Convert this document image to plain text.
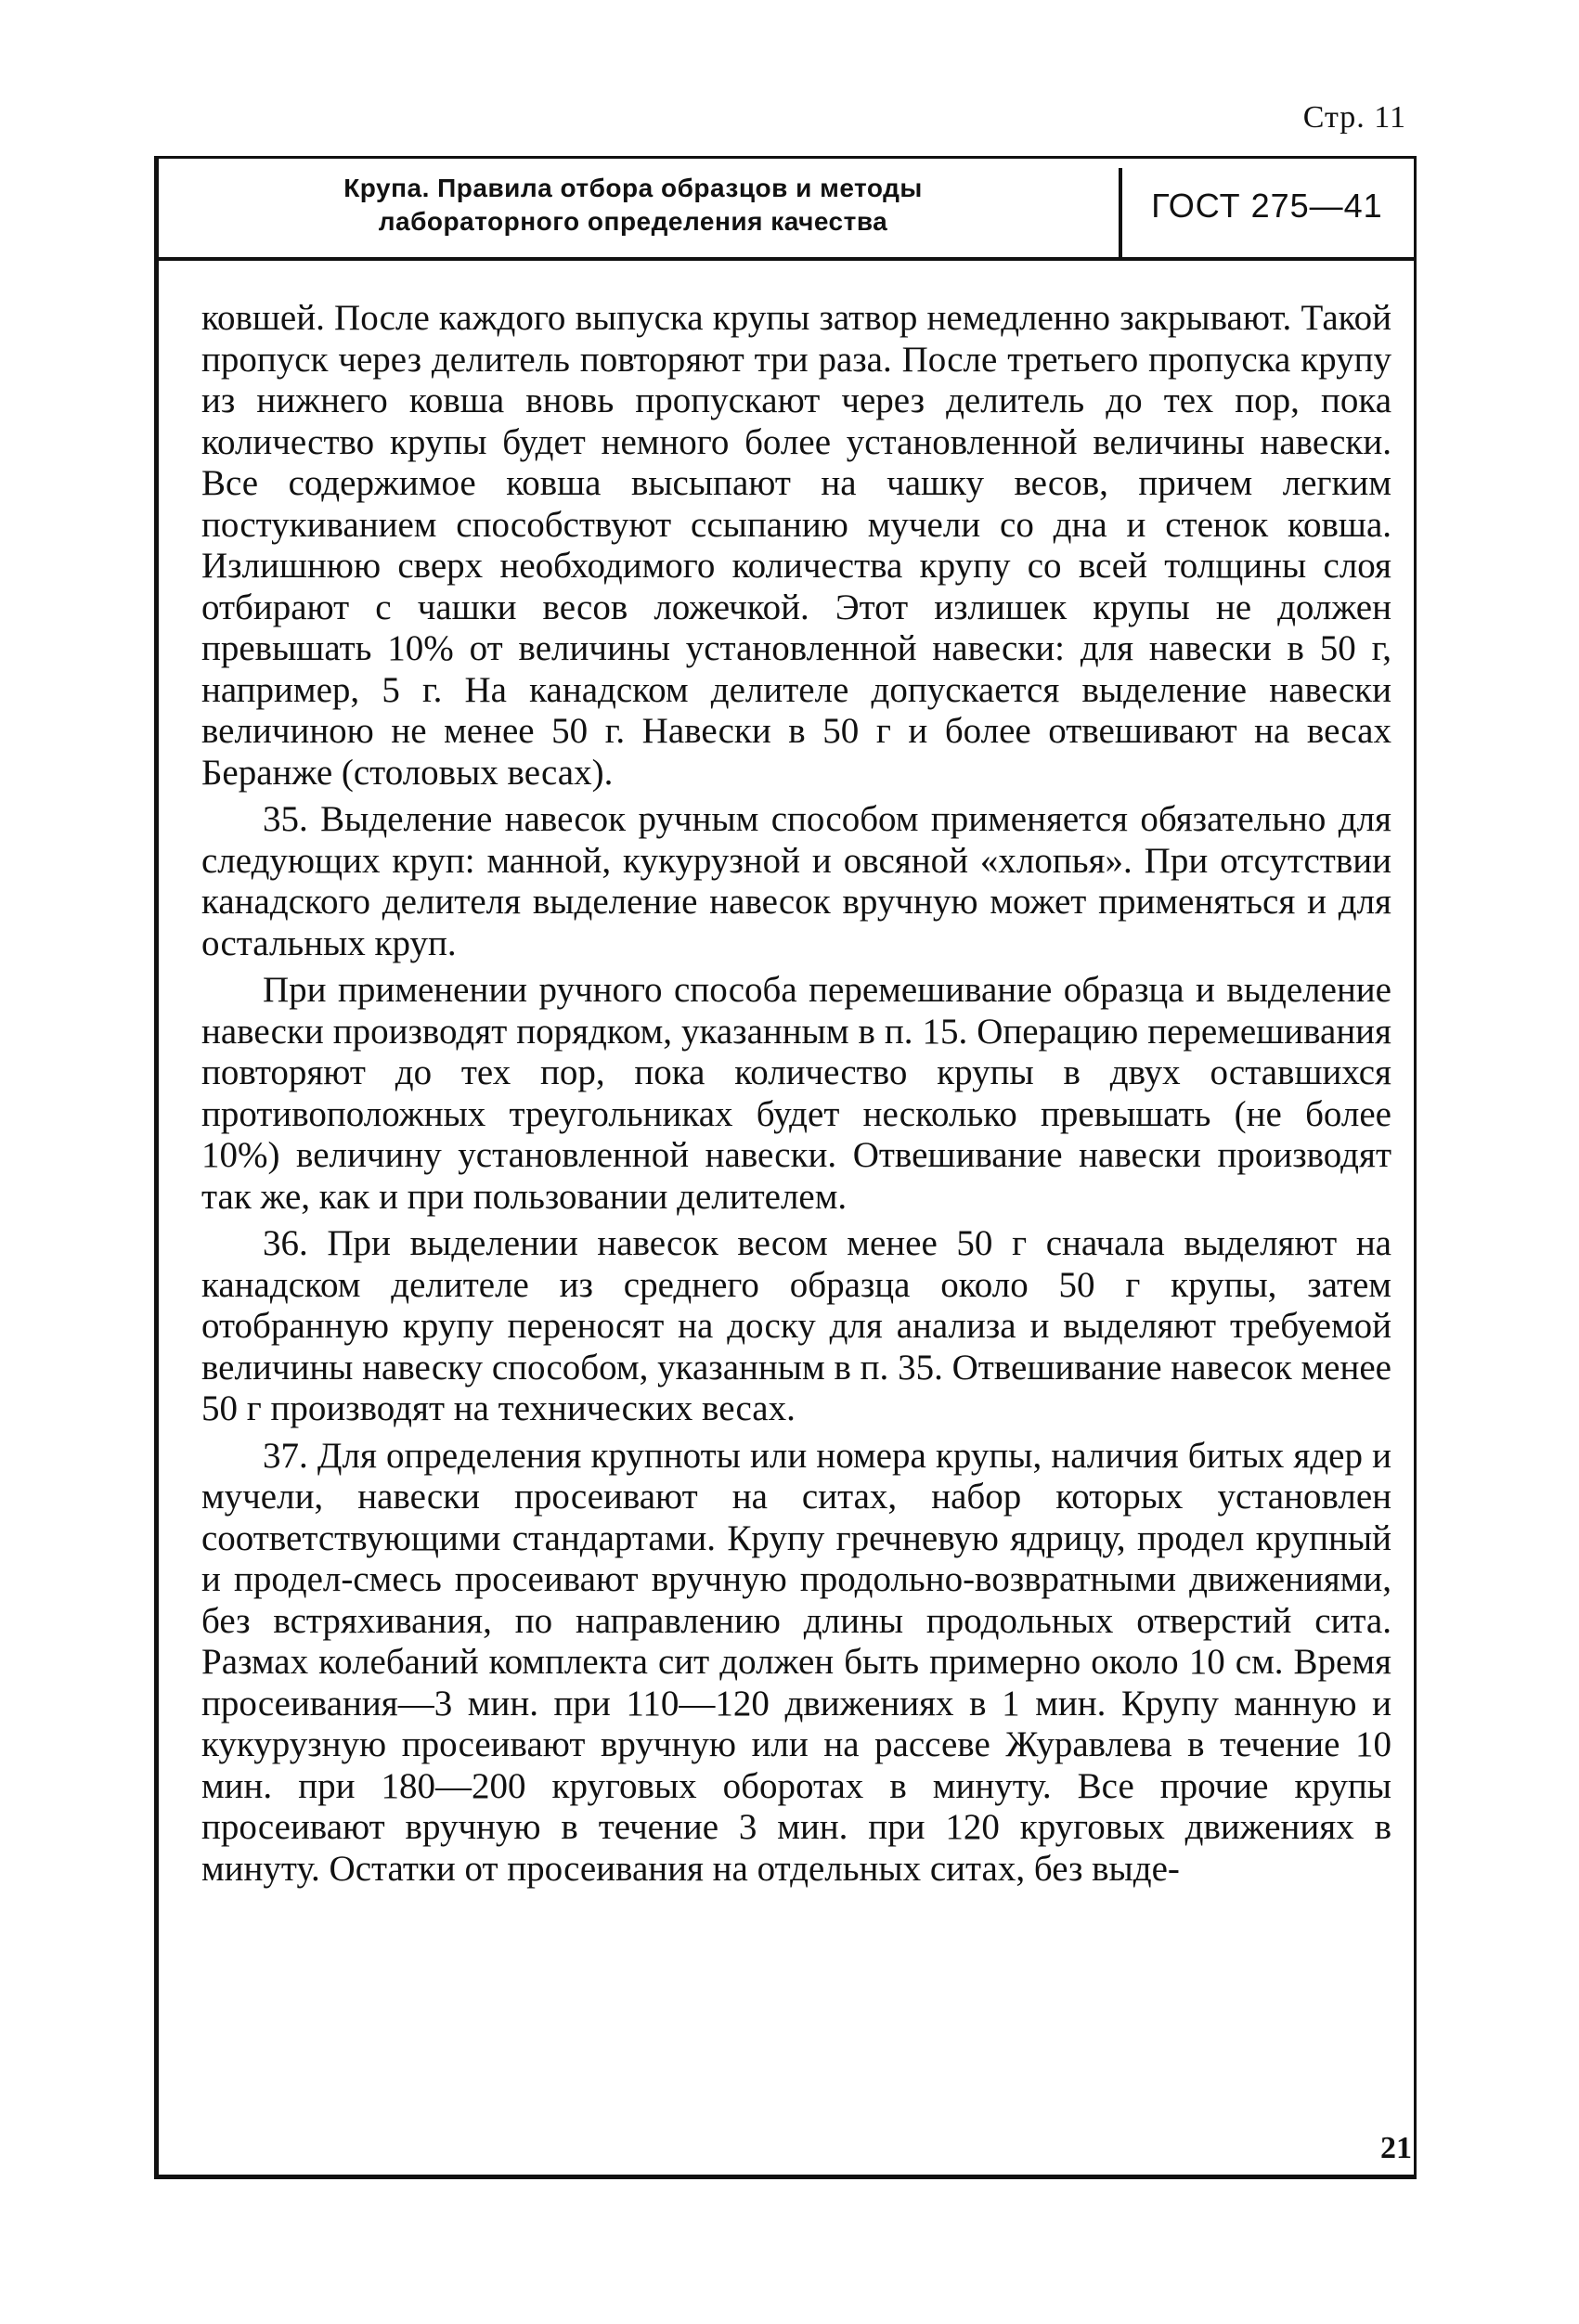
Стр. 11
Крупа. Правила отбора образцов и методы
лабораторного определения качества	ГОСТ 275—41

ковшей. После каждого выпуска крупы затвор немедленно закрывают. Такой пропуск через делитель повторяют три раза. После третьего пропуска крупу из нижнего ковша вновь пропускают через делитель до тех пор, пока количество крупы будет немного более установленной величины навески. Все содержимое ковша высыпают на чашку весов, причем легким постукиванием способствуют ссыпанию мучели со дна и стенок ковша. Излишнюю сверх необходимого количества крупу со всей толщины слоя отбирают с чашки весов ложечкой. Этот излишек крупы не должен превышать 10% от величины установленной навески: для навески в 50 г, например, 5 г. На канадском делителе допускается выделение навески величиною не менее 50 г. Навески в 50 г и более отвешивают на весах Беранже (столовых весах).

35. Выделение навесок ручным способом применяется обязательно для следующих круп: манной, кукурузной и овсяной «хлопья». При отсутствии канадского делителя выделение навесок вручную может применяться и для остальных круп.

При применении ручного способа перемешивание образца и выделение навески производят порядком, указанным в п. 15. Операцию перемешивания повторяют до тех пор, пока количество крупы в двух оставшихся противоположных треугольниках будет несколько превышать (не более 10%) величину установленной навески. Отвешивание навески производят так же, как и при пользовании делителем.

36. При выделении навесок весом менее 50 г сначала выделяют на канадском делителе из среднего образца около 50 г крупы, затем отобранную крупу переносят на доску для анализа и выделяют требуемой величины навеску способом, указанным в п. 35. Отвешивание навесок менее 50 г производят на технических весах.

37. Для определения крупноты или номера крупы, наличия битых ядер и мучели, навески просеивают на ситах, набор которых установлен соответствующими стандартами. Крупу гречневую ядрицу, продел крупный и продел-смесь просеивают вручную продольно-возвратными движениями, без встряхивания, по направлению длины продольных отверстий сита. Размах колебаний комплекта сит должен быть примерно около 10 см. Время просеивания—3 мин. при 110—120 движениях в 1 мин. Крупу манную и кукурузную просеивают вручную или на рассеве Журавлева в течение 10 мин. при 180—200 круговых оборотах в минуту. Все прочие крупы просеивают вручную в течение 3 мин. при 120 круговых движениях в минуту. Остатки от просеивания на отдельных ситах, без выде-

21
